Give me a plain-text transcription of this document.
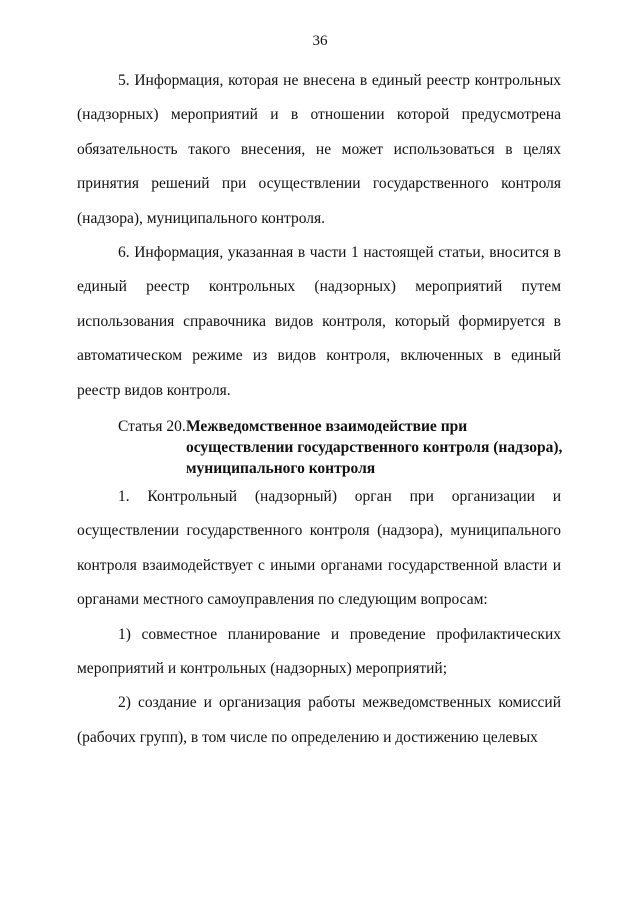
36

5. Информация, которая не внесена в единый реестр контрольных (надзорных) мероприятий и в отношении которой предусмотрена обязательность такого внесения, не может использоваться в целях принятия решений при осуществлении государственного контроля (надзора), муниципального контроля.

6. Информация, указанная в части 1 настоящей статьи, вносится в единый реестр контрольных (надзорных) мероприятий путем использования справочника видов контроля, который формируется в автоматическом режиме из видов контроля, включенных в единый реестр видов контроля.

Статья 20. Межведомственное взаимодействие при осуществлении государственного контроля (надзора), муниципального контроля

1. Контрольный (надзорный) орган при организации и осуществлении государственного контроля (надзора), муниципального контроля взаимодействует с иными органами государственной власти и органами местного самоуправления по следующим вопросам:

1) совместное планирование и проведение профилактических мероприятий и контрольных (надзорных) мероприятий;

2) создание и организация работы межведомственных комиссий (рабочих групп), в том числе по определению и достижению целевых
